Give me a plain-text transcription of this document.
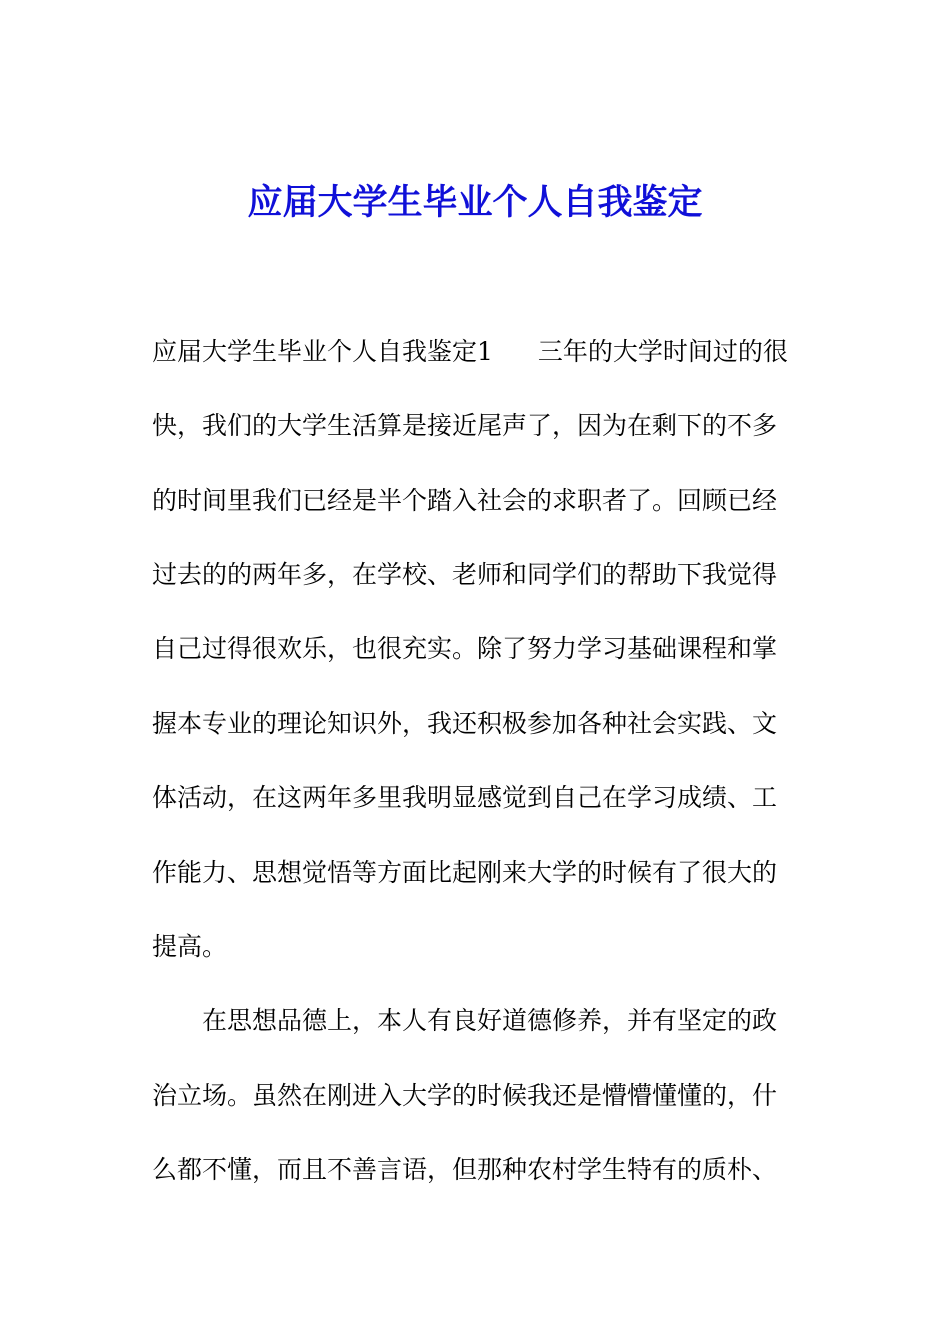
应届大学生毕业个人自我鉴定

应届大学生毕业个人自我鉴定1 三年的大学时间过的很

快，我们的大学生活算是接近尾声了，因为在剩下的不多

的时间里我们已经是半个踏入社会的求职者了。回顾已经

过去的的两年多，在学校、老师和同学们的帮助下我觉得

自己过得很欢乐，也很充实。除了努力学习基础课程和掌

握本专业的理论知识外，我还积极参加各种社会实践、文

体活动，在这两年多里我明显感觉到自己在学习成绩、工

作能力、思想觉悟等方面比起刚来大学的时候有了很大的

提高。

在思想品德上，本人有良好道德修养，并有坚定的政

治立场。虽然在刚进入大学的时候我还是懵懵懂懂的，什

么都不懂，而且不善言语，但那种农村学生特有的质朴、
